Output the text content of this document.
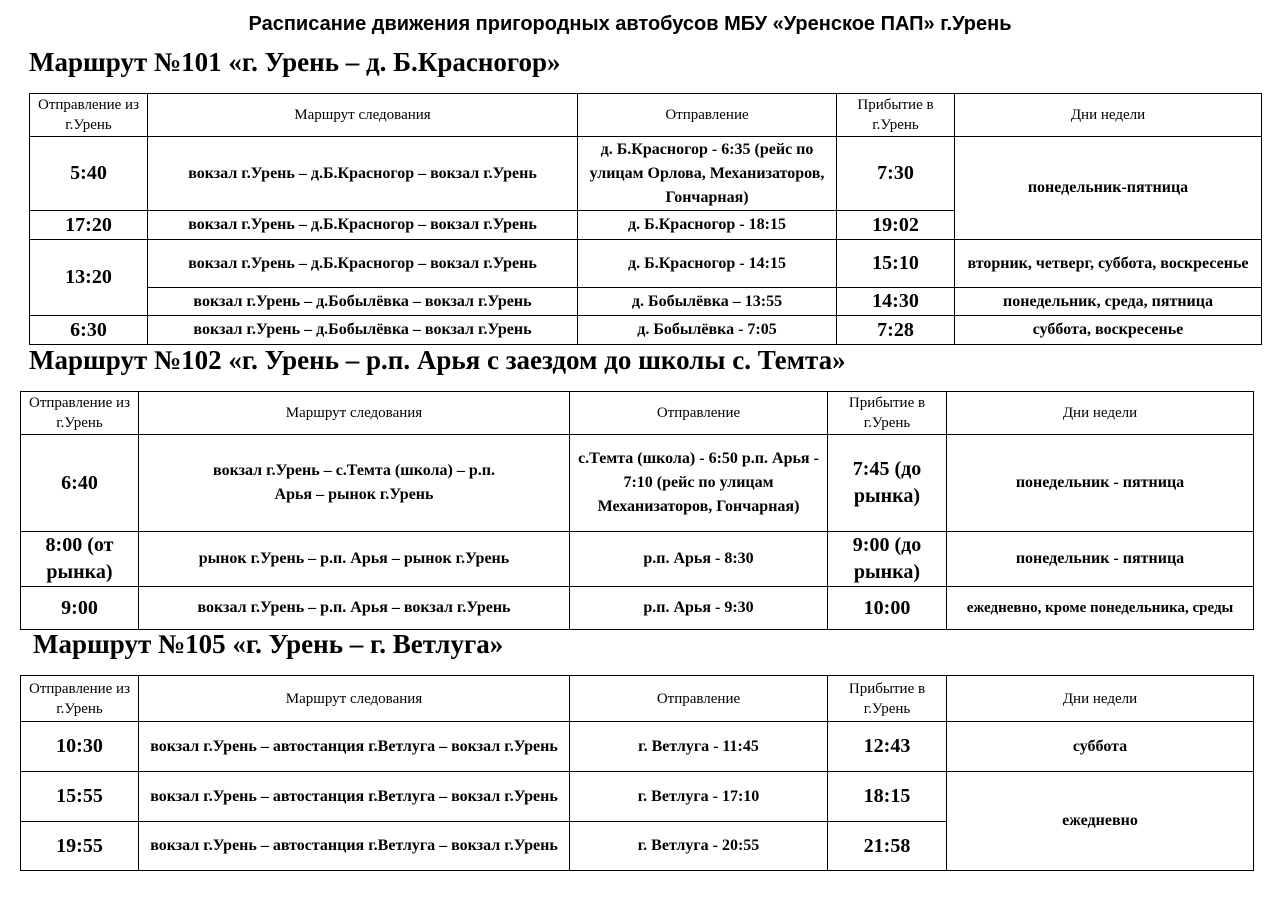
Расписание движения пригородных автобусов МБУ «Уренское ПАП» г.Урень
Маршрут №101 «г. Урень – д. Б.Красногор»
Отправление из г.Урень	Маршрут следования	Отправление	Прибытие в г.Урень	Дни недели
5:40	вокзал г.Урень – д.Б.Красногор – вокзал г.Урень	д. Б.Красногор - 6:35 (рейс по улицам Орлова, Механизаторов, Гончарная)	7:30	понедельник-пятница
17:20	вокзал г.Урень – д.Б.Красногор – вокзал г.Урень	д. Б.Красногор - 18:15	19:02	
13:20	вокзал г.Урень – д.Б.Красногор – вокзал г.Урень	д. Б.Красногор - 14:15	15:10	вторник, четверг, суббота, воскресенье
	вокзал г.Урень – д.Бобылёвка – вокзал г.Урень	д. Бобылёвка – 13:55	14:30	понедельник, среда, пятница
6:30	вокзал г.Урень – д.Бобылёвка – вокзал г.Урень	д. Бобылёвка - 7:05	7:28	суббота, воскресенье
Маршрут №102 «г. Урень – р.п. Арья с заездом до школы с. Темта»
Отправление из г.Урень	Маршрут следования	Отправление	Прибытие в г.Урень	Дни недели
6:40	вокзал г.Урень – с.Темта (школа) – р.п. Арья – рынок г.Урень	с.Темта (школа) - 6:50 р.п. Арья - 7:10 (рейс по улицам Механизаторов, Гончарная)	7:45 (до рынка)	понедельник - пятница
8:00 (от рынка)	рынок г.Урень – р.п. Арья – рынок г.Урень	р.п. Арья - 8:30	9:00 (до рынка)	понедельник - пятница
9:00	вокзал г.Урень – р.п. Арья – вокзал г.Урень	р.п. Арья - 9:30	10:00	ежедневно, кроме понедельника, среды
Маршрут №105 «г. Урень – г. Ветлуга»
Отправление из г.Урень	Маршрут следования	Отправление	Прибытие в г.Урень	Дни недели
10:30	вокзал г.Урень – автостанция г.Ветлуга – вокзал г.Урень	г. Ветлуга - 11:45	12:43	суббота
15:55	вокзал г.Урень – автостанция г.Ветлуга – вокзал г.Урень	г. Ветлуга - 17:10	18:15	ежедневно
19:55	вокзал г.Урень – автостанция г.Ветлуга – вокзал г.Урень	г. Ветлуга - 20:55	21:58	
